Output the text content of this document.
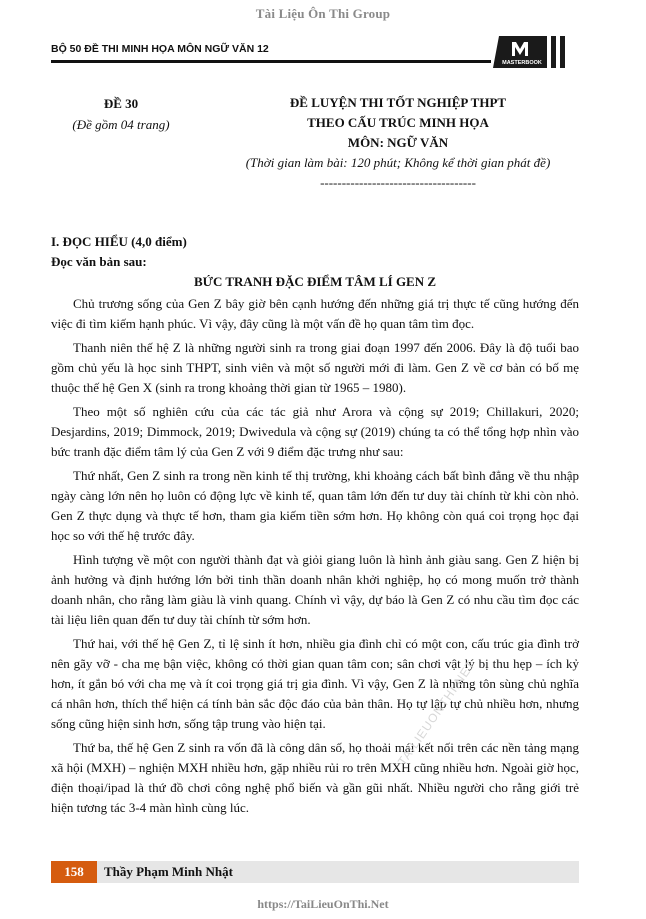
Tài Liệu Ôn Thi Group
BỘ 50 ĐỀ THI MINH HỌA MÔN NGỮ VĂN 12
MASTERBOOK
ĐỀ 30
(Đề gồm 04 trang)
ĐỀ LUYỆN THI TỐT NGHIỆP THPT
THEO CẤU TRÚC MINH HỌA
MÔN: NGỮ VĂN
(Thời gian làm bài: 120 phút; Không kể thời gian phát đề)
------------------------------------

I. ĐỌC HIỂU (4,0 điểm)

Đọc văn bản sau:

BỨC TRANH ĐẶC ĐIỂM TÂM LÍ GEN Z

Chủ trương sống của Gen Z bây giờ bên cạnh hướng đến những giá trị thực tế cũng hướng đến việc đi tìm kiếm hạnh phúc. Vì vậy, đây cũng là một vấn đề họ quan tâm tìm đọc.

Thanh niên thế hệ Z là những người sinh ra trong giai đoạn 1997 đến 2006. Đây là độ tuổi bao gồm chủ yếu là học sinh THPT, sinh viên và một số người mới đi làm. Gen Z về cơ bản có bố mẹ thuộc thế hệ Gen X (sinh ra trong khoảng thời gian từ 1965 – 1980).

Theo một số nghiên cứu của các tác giả như Arora và cộng sự 2019; Chillakuri, 2020; Desjardins, 2019; Dimmock, 2019; Dwivedula và cộng sự (2019) chúng ta có thể tổng hợp nhìn vào bức tranh đặc điểm tâm lý của Gen Z với 9 điểm đặc trưng như sau:

Thứ nhất, Gen Z sinh ra trong nền kinh tế thị trường, khi khoảng cách bất bình đẳng về thu nhập ngày càng lớn nên họ luôn có động lực về kinh tế, quan tâm lớn đến tư duy tài chính từ khi còn nhỏ. Gen Z thực dụng và thực tế hơn, tham gia kiếm tiền sớm hơn. Họ không còn quá coi trọng học đại học so với thế hệ trước đây.

Hình tượng về một con người thành đạt và giỏi giang luôn là hình ảnh giàu sang. Gen Z hiện bị ảnh hưởng và định hướng lớn bởi tinh thần doanh nhân khởi nghiệp, họ có mong muốn trở thành doanh nhân, cho rằng làm giàu là vinh quang. Chính vì vậy, dự báo là Gen Z có nhu cầu tìm đọc các tài liệu liên quan đến tư duy tài chính từ sớm hơn.

Thứ hai, với thế hệ Gen Z, tỉ lệ sinh ít hơn, nhiều gia đình chỉ có một con, cấu trúc gia đình trở nên gãy vỡ - cha mẹ bận việc, không có thời gian quan tâm con; sân chơi vật lý bị thu hẹp – ích kỷ hơn, ít gắn bó với cha mẹ và ít coi trọng giá trị gia đình. Vì vậy, Gen Z là những tôn sùng chủ nghĩa cá nhân hơn, thích thể hiện cá tính bản sắc độc đáo của bản thân. Họ tự lập tự chủ nhiều hơn, nhưng sống cũng hiện sinh hơn, sống tập trung vào hiện tại.

Thứ ba, thế hệ Gen Z sinh ra vốn đã là công dân số, họ thoải mái kết nối trên các nền tảng mạng xã hội (MXH) – nghiện MXH nhiều hơn, gặp nhiều rủi ro trên MXH cũng nhiều hơn. Ngoài giờ học, điện thoại/ipad là thứ đồ chơi công nghệ phổ biến và gần gũi nhất. Nhiều người cho rằng giới trẻ hiện tương tác 3-4 màn hình cùng lúc.

TAILIEUONTHI.NET
158	Thầy Phạm Minh Nhật
https://TaiLieuOnThi.Net
